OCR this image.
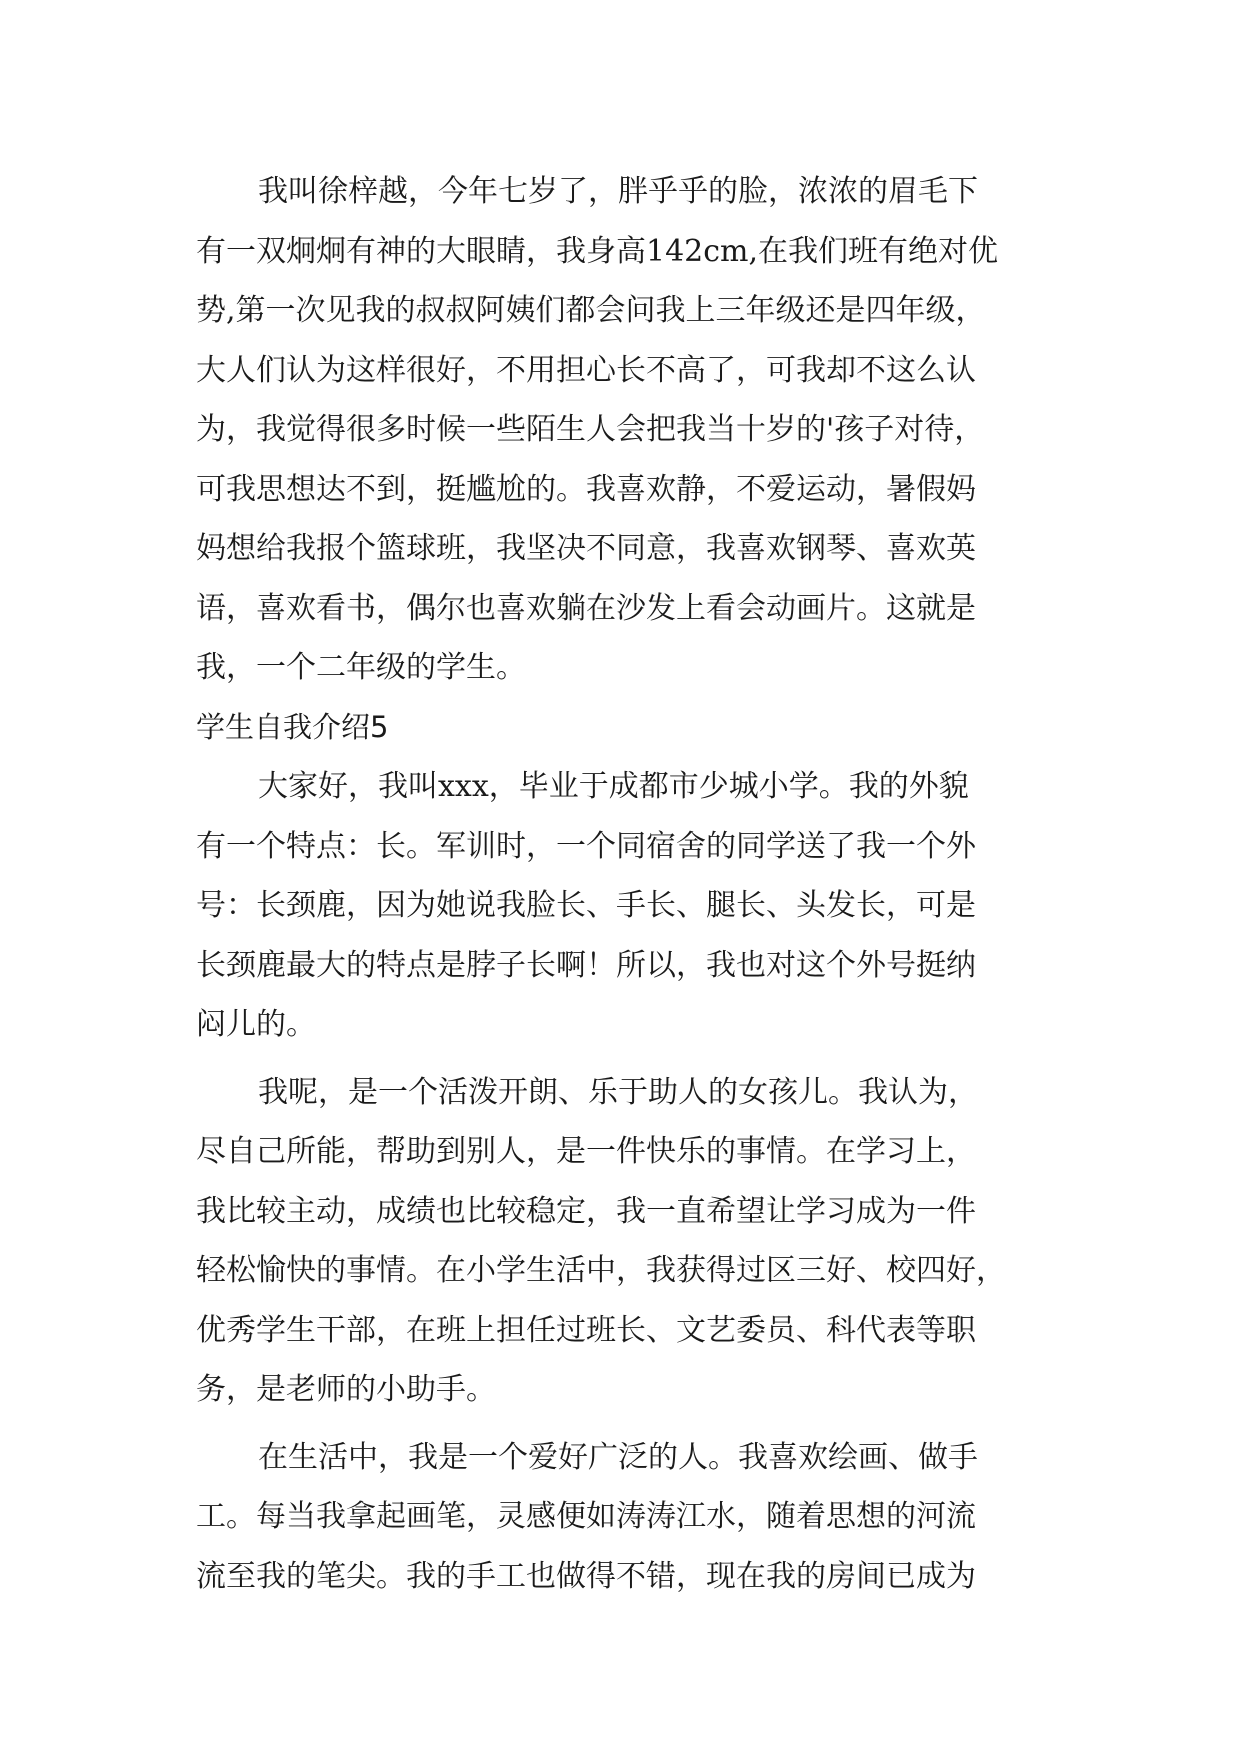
我叫徐梓越，今年七岁了，胖乎乎的脸，浓浓的眉毛下
有一双炯炯有神的大眼睛，我身高142cm,在我们班有绝对优
势,第一次见我的叔叔阿姨们都会问我上三年级还是四年级，
大人们认为这样很好，不用担心长不高了，可我却不这么认
为，我觉得很多时候一些陌生人会把我当十岁的'孩子对待，
可我思想达不到，挺尴尬的。我喜欢静，不爱运动，暑假妈
妈想给我报个篮球班，我坚决不同意，我喜欢钢琴、喜欢英
语，喜欢看书，偶尔也喜欢躺在沙发上看会动画片。这就是
我，一个二年级的学生。
学生自我介绍5
大家好，我叫xxx，毕业于成都市少城小学。我的外貌
有一个特点：长。军训时，一个同宿舍的同学送了我一个外
号：长颈鹿，因为她说我脸长、手长、腿长、头发长，可是
长颈鹿最大的特点是脖子长啊！所以，我也对这个外号挺纳
闷儿的。
我呢，是一个活泼开朗、乐于助人的女孩儿。我认为，
尽自己所能，帮助到别人，是一件快乐的事情。在学习上，
我比较主动，成绩也比较稳定，我一直希望让学习成为一件
轻松愉快的事情。在小学生活中，我获得过区三好、校四好，
优秀学生干部，在班上担任过班长、文艺委员、科代表等职
务，是老师的小助手。
在生活中，我是一个爱好广泛的人。我喜欢绘画、做手
工。每当我拿起画笔，灵感便如涛涛江水，随着思想的河流
流至我的笔尖。我的手工也做得不错，现在我的房间已成为
